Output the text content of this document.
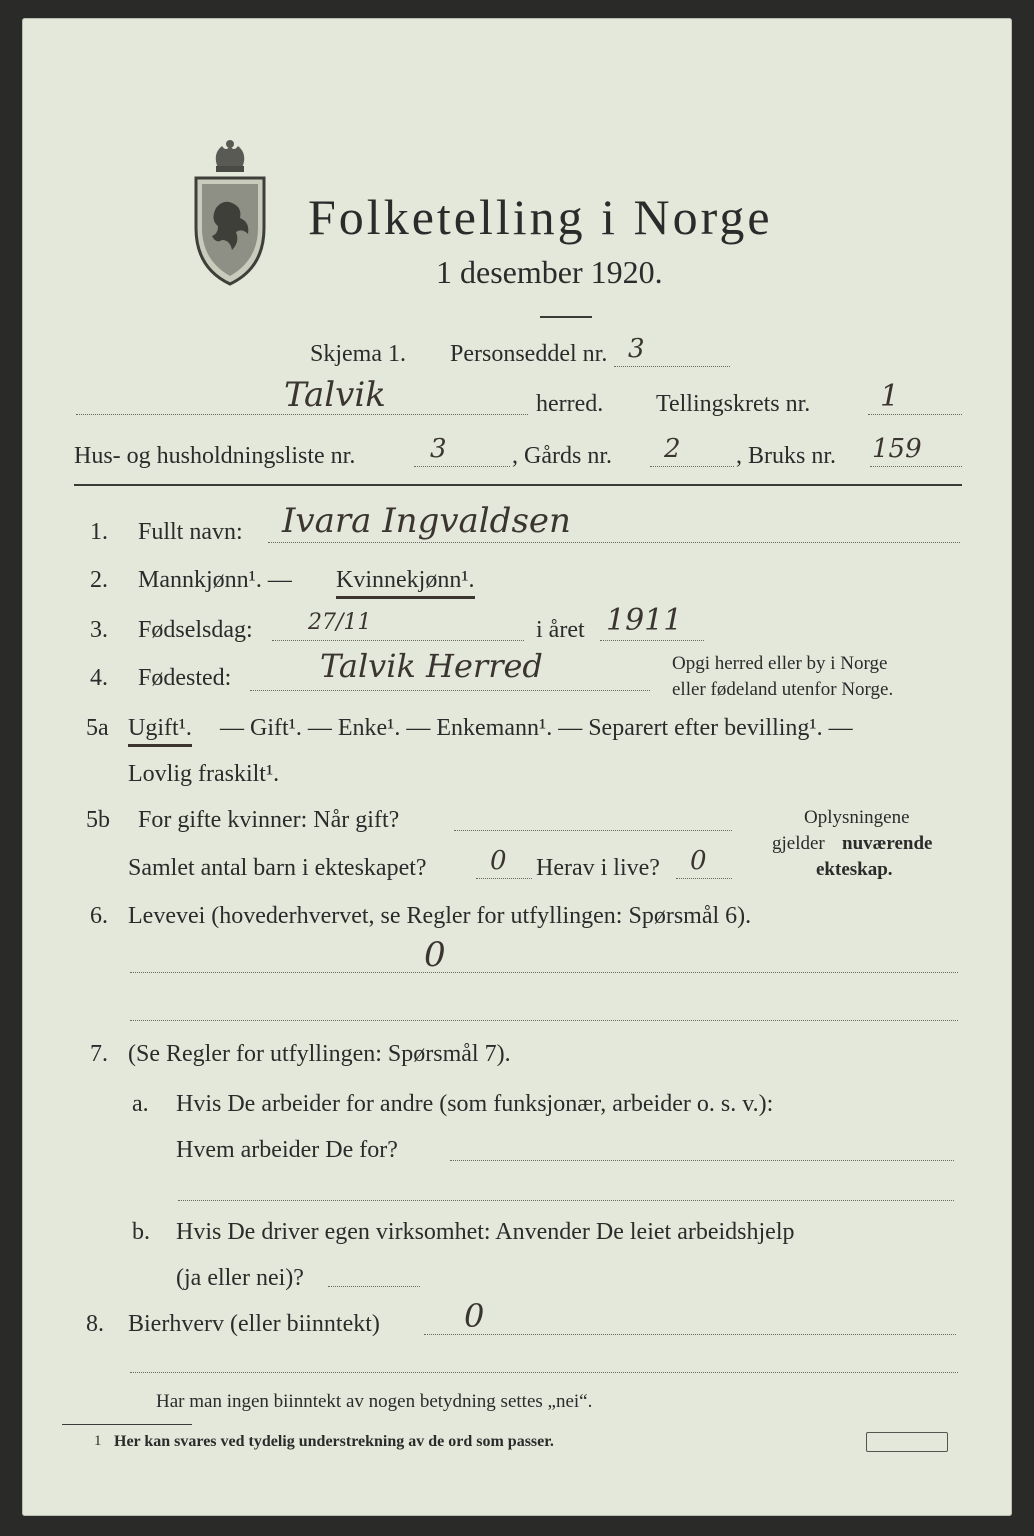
Folketelling i Norge
1 desember 1920.
Skjema 1. Personseddel nr. 3
Talvik	herred. Tellingskrets nr. 1
Hus- og husholdningsliste nr.	3	, Gårds nr. 2 , Bruks nr. 159
1. Fullt navn: Ivara Ingvaldsen
2. Mannkjønn¹. — Kvinnekjønn¹.
3. Fødselsdag:	27/11	i året 1911
4. Fødested:	Talvik Herred	Opgi herred eller by i Norge
eller fødeland utenfor Norge.
5a Ugift¹. — Gift¹. — Enke¹. — Enkemann¹. — Separert efter bevilling¹. —
Lovlig fraskilt¹.
5b For gifte kvinner: Når gift?
Samlet antal barn i ekteskapet? 0 Herav i live? 0
Oplysningene
gjelder nuværende
ekteskap.
6. Levevei (hovederhvervet, se Regler for utfyllingen: Spørsmål 6).
0
7. (Se Regler for utfyllingen: Spørsmål 7).
a. Hvis De arbeider for andre (som funksjonær, arbeider o. s. v.):
Hvem arbeider De for?
b. Hvis De driver egen virksomhet: Anvender De leiet arbeidshjelp
(ja eller nei)?
8. Bierhverv (eller biinntekt)	0
Har man ingen biinntekt av nogen betydning settes „nei“.
1 Her kan svares ved tydelig understrekning av de ord som passer.
